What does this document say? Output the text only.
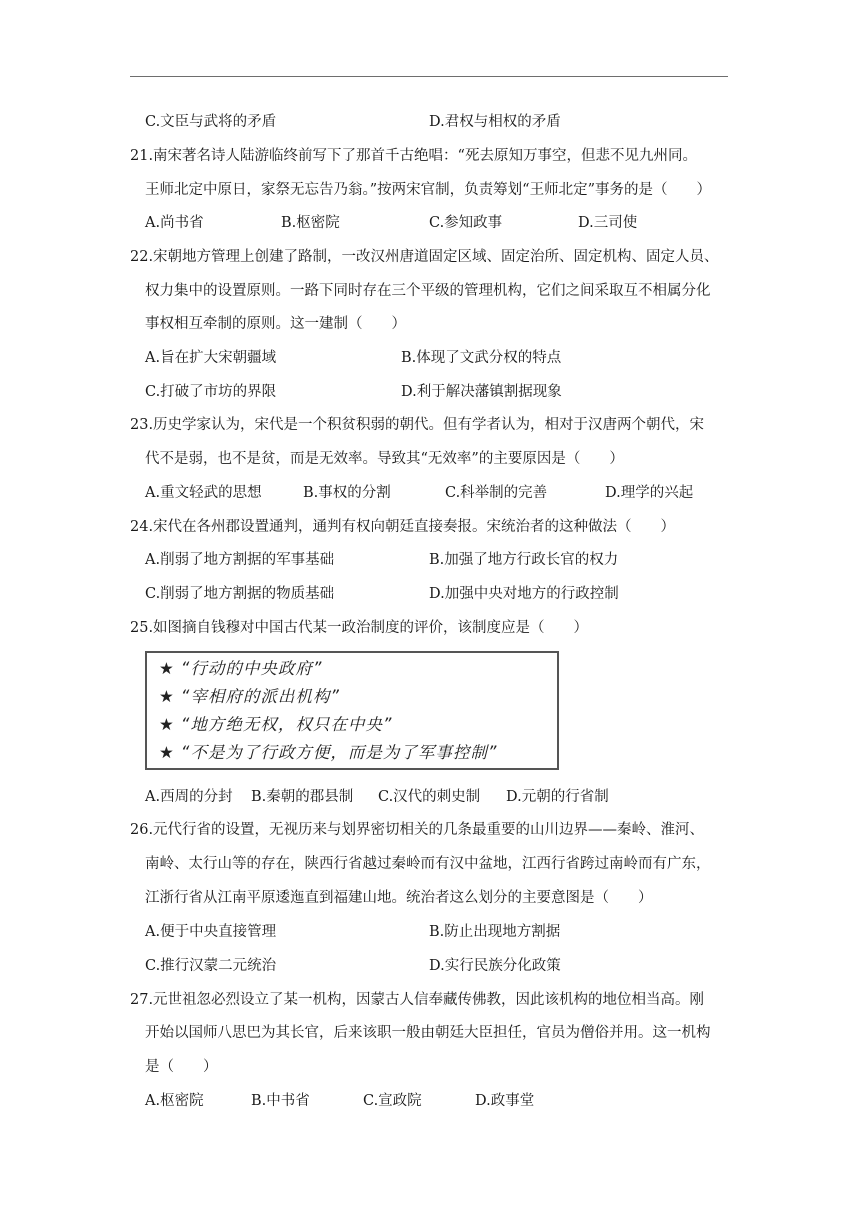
C.文臣与武将的矛盾	D.君权与相权的矛盾
21.南宋著名诗人陆游临终前写下了那首千古绝唱：“死去原知万事空，但悲不见九州同。
王师北定中原日，家祭无忘告乃翁。”按两宋官制，负责筹划“王师北定”事务的是（　　）
A.尚书省	B.枢密院	C.参知政事	D.三司使
22.宋朝地方管理上创建了路制，一改汉州唐道固定区域、固定治所、固定机构、固定人员、
权力集中的设置原则。一路下同时存在三个平级的管理机构，它们之间采取互不相属分化
事权相互牵制的原则。这一建制（　　）
A.旨在扩大宋朝疆域	B.体现了文武分权的特点
C.打破了市坊的界限	D.利于解决藩镇割据现象
23.历史学家认为，宋代是一个积贫积弱的朝代。但有学者认为，相对于汉唐两个朝代，宋
代不是弱，也不是贫，而是无效率。导致其“无效率”的主要原因是（　　）
A.重文轻武的思想	B.事权的分割	C.科举制的完善	D.理学的兴起
24.宋代在各州郡设置通判，通判有权向朝廷直接奏报。宋统治者的这种做法（　　）
A.削弱了地方割据的军事基础	B.加强了地方行政长官的权力
C.削弱了地方割据的物质基础	D.加强中央对地方的行政控制
25.如图摘自钱穆对中国古代某一政治制度的评价，该制度应是（　　）
★ “行动的中央政府”
★ “宰相府的派出机构”
★ “地方绝无权，权只在中央”
★ “不是为了行政方便，而是为了军事控制”
A.西周的分封 B.秦朝的郡县制 C.汉代的刺史制 D.元朝的行省制
26.元代行省的设置，无视历来与划界密切相关的几条最重要的山川边界——秦岭、淮河、
南岭、太行山等的存在，陕西行省越过秦岭而有汉中盆地，江西行省跨过南岭而有广东，
江浙行省从江南平原逶迤直到福建山地。统治者这么划分的主要意图是（　　）
A.便于中央直接管理	B.防止出现地方割据
C.推行汉蒙二元统治	D.实行民族分化政策
27.元世祖忽必烈设立了某一机构，因蒙古人信奉藏传佛教，因此该机构的地位相当高。刚
开始以国师八思巴为其长官，后来该职一般由朝廷大臣担任，官员为僧俗并用。这一机构
是（　　）
A.枢密院	B.中书省	C.宣政院	D.政事堂
